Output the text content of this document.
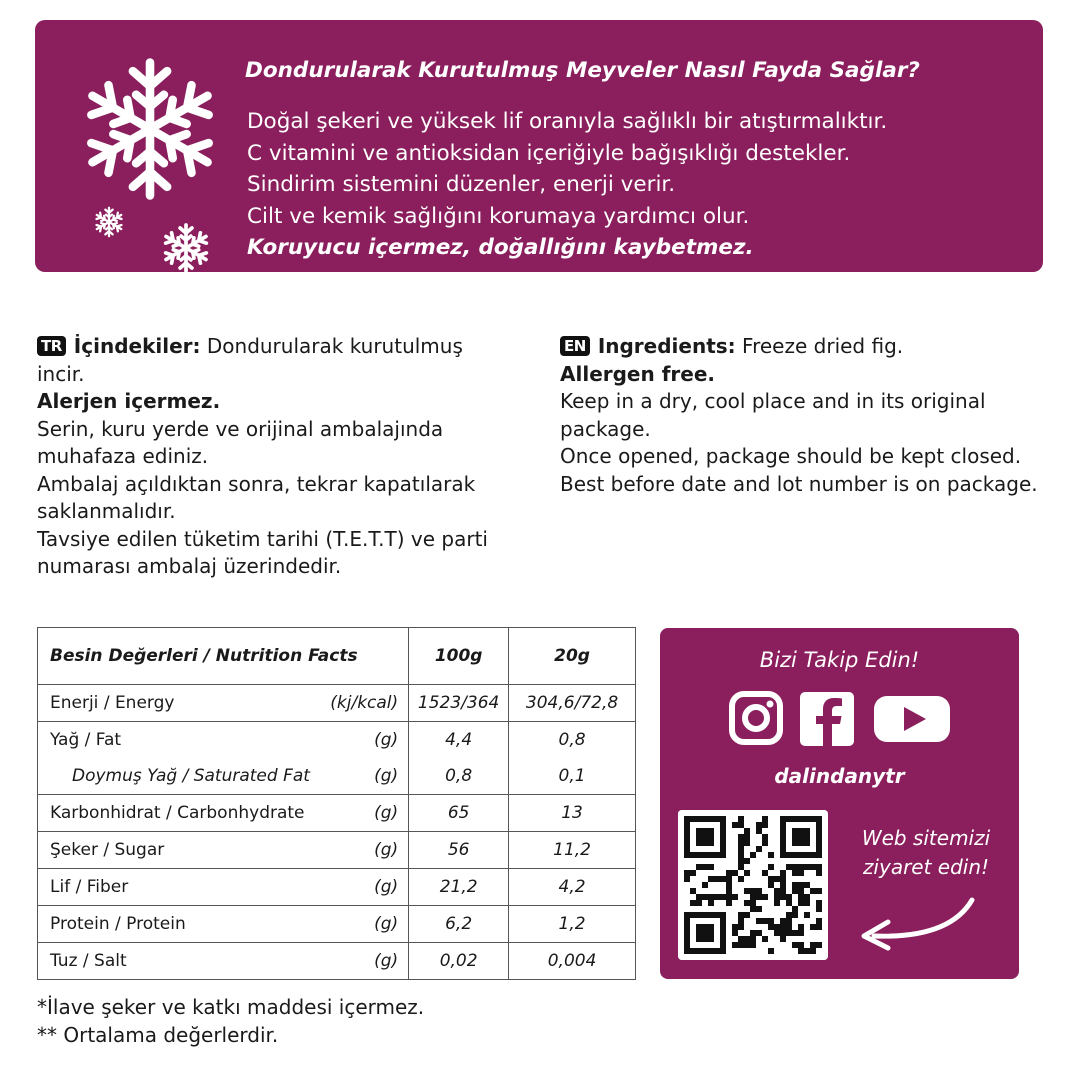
Dondurularak Kurutulmuş Meyveler Nasıl Fayda Sağlar?
Doğal şekeri ve yüksek lif oranıyla sağlıklı bir atıştırmalıktır.
C vitamini ve antioksidan içeriğiyle bağışıklığı destekler.
Sindirim sistemini düzenler, enerji verir.
Cilt ve kemik sağlığını korumaya yardımcı olur.
Koruyucu içermez, doğallığını kaybetmez.

TR İçindekiler: Dondurularak kurutulmuş incir.

Alerjen içermez.

Serin, kuru yerde ve orijinal ambalajında muhafaza ediniz.

Ambalaj açıldıktan sonra, tekrar kapatılarak saklanmalıdır.

Tavsiye edilen tüketim tarihi (T.E.T.T) ve parti numarası ambalaj üzerindedir.

EN Ingredients: Freeze dried fig.

Allergen free.

Keep in a dry, cool place and in its original package.

Once opened, package should be kept closed.

Best before date and lot number is on package.

Besin Değerleri / Nutrition Facts	100g	20g
Enerji / Energy (kj/kcal)	1523/364	304,6/72,8
Yağ / Fat (g)	4,4	0,8
Doymuş Yağ / Saturated Fat (g)	0,8	0,1
Karbonhidrat / Carbonhydrate (g)	65	13
Şeker / Sugar (g)	56	11,2
Lif / Fiber (g)	21,2	4,2
Protein / Protein (g)	6,2	1,2
Tuz / Salt (g)	0,02	0,004
Bizi Takip Edin!
dalindanytr
Web sitemizi
ziyaret edin!

*İlave şeker ve katkı maddesi içermez.

** Ortalama değerlerdir.
